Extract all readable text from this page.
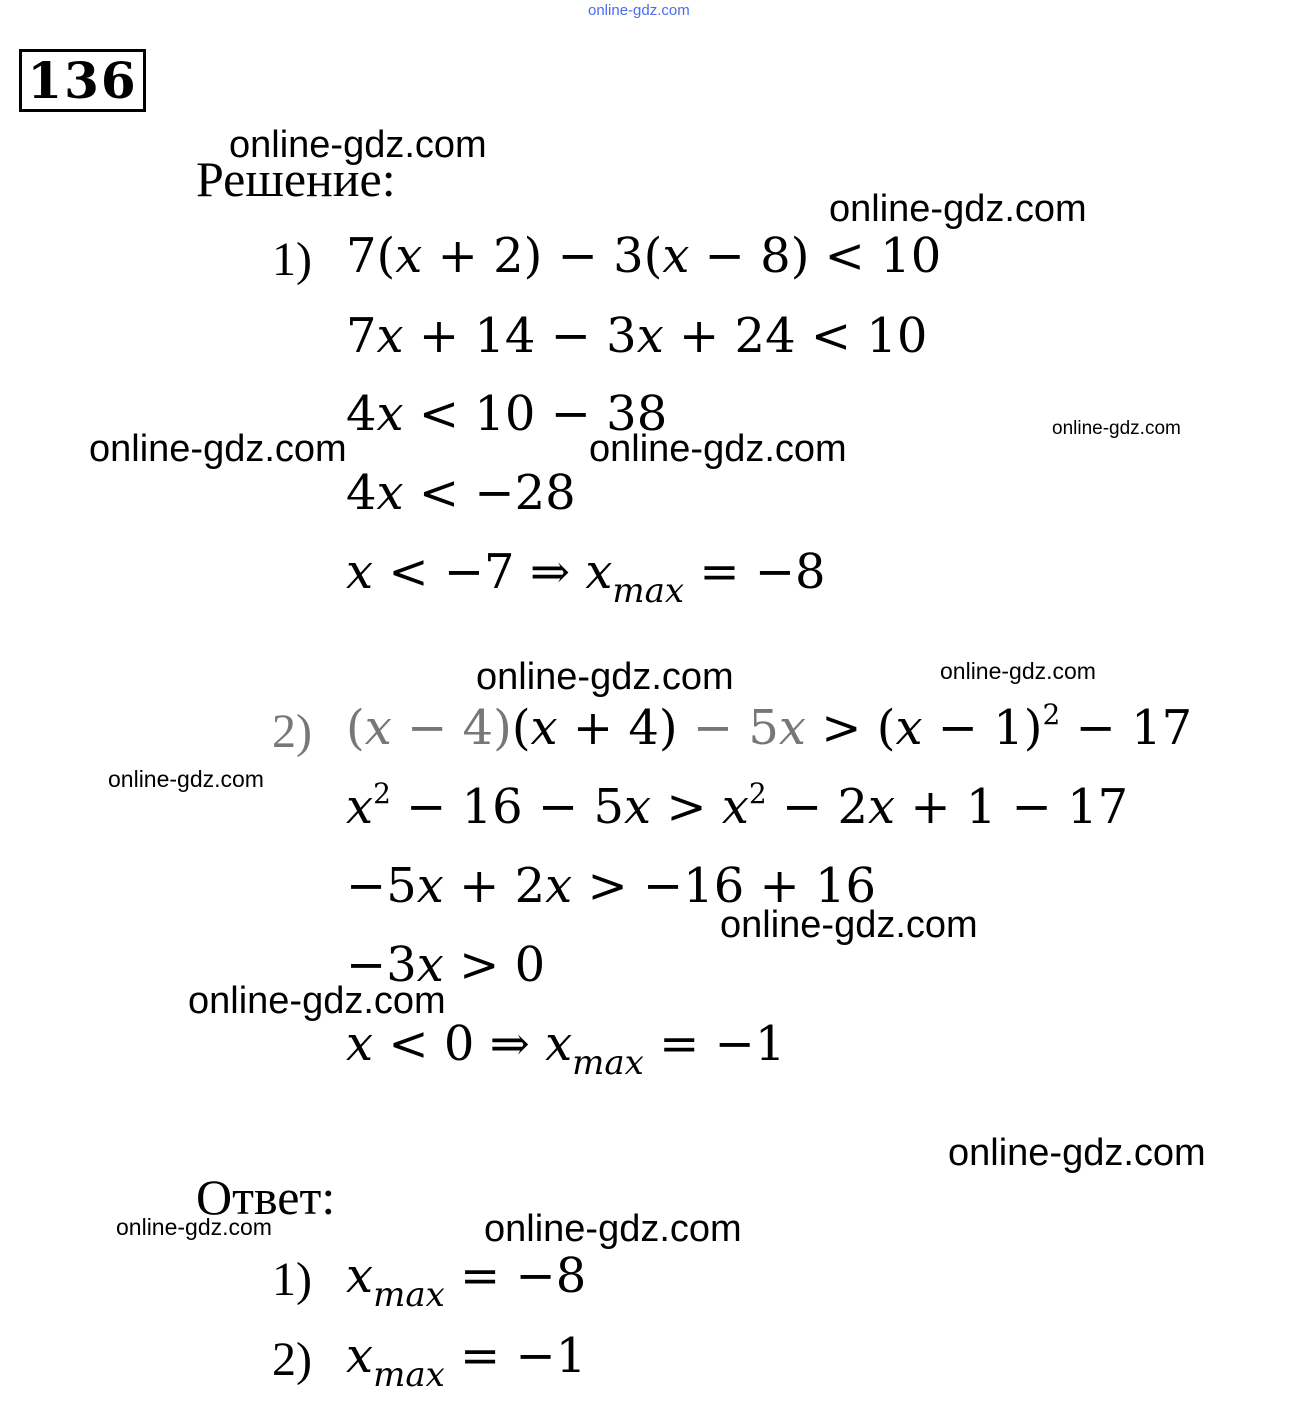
online-gdz.com
136
Решение:
1) 7(x + 2) − 3(x − 8) < 10
7x + 14 − 3x + 24 < 10
4x < 10 − 38
4x < −28
x < −7 ⇒ $x_{max} = -8$
2) $(x - 4)(x + 4) - 5x > (x - 1)^2 - 17$
$x^2 - 16 - 5x > x^2 - 2x + 1 - 17$
−5x + 2x > −16 + 16
−3x > 0
x < 0 ⇒ $x_{max} = -1$
Ответ:
1) $x_{max} = -8$
2) $x_{max} = -1$
online-gdz.com
online-gdz.com
online-gdz.com	online-gdz.com	online-gdz.com
online-gdz.com	online-gdz.com
online-gdz.com
online-gdz.com
online-gdz.com
online-gdz.com
online-gdz.com	online-gdz.com
